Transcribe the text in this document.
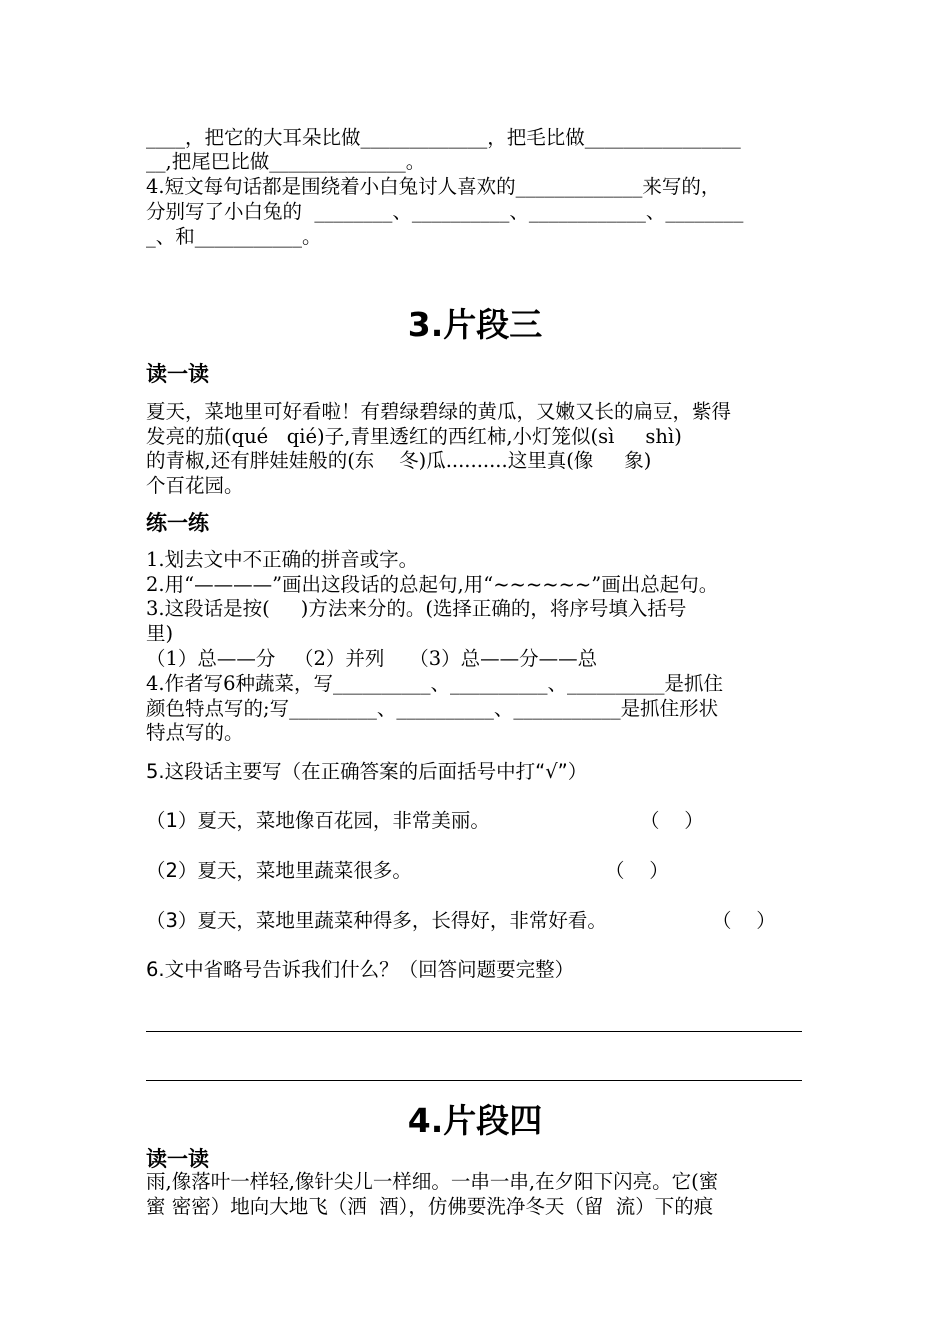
____，把它的大耳朵比做_____________，把毛比做________________
__,把尾巴比做______________。
4.短文每句话都是围绕着小白兔讨人喜欢的_____________来写的，
分别写了小白兔的  ________、__________、____________、________
_、和___________。
3.片段三
读一读
夏天，菜地里可好看啦！有碧绿碧绿的黄瓜，又嫩又长的扁豆，紫得
发亮的茄(qué   qié)子,青里透红的西红柿,小灯笼似(sì     shì)
的青椒,还有胖娃娃般的(东    冬)瓜..........这里真(像     象)
个百花园。
练一练
1.划去文中不正确的拼音或字。
2.用“————”画出这段话的总起句,用“~~~~~~”画出总起句。
3.这段话是按(     )方法来分的。(选择正确的，将序号填入括号
里)
（1）总——分   （2）并列    （3）总——分——总
4.作者写6种蔬菜，写__________、__________、__________是抓住
颜色特点写的;写_________、__________、___________是抓住形状
特点写的。
5.这段话主要写（在正确答案的后面括号中打“√”）
（1）夏天，菜地像百花园，非常美丽。	（    ）
（2）夏天，菜地里蔬菜很多。	（    ）
（3）夏天，菜地里蔬菜种得多，长得好，非常好看。	（    ）
6.文中省略号告诉我们什么？（回答问题要完整）
4.片段四
读一读
雨,像落叶一样轻,像针尖儿一样细。一串一串,在夕阳下闪亮。它(蜜
蜜 密密）地向大地飞（洒  酒），仿佛要洗净冬天（留  流）下的痕
